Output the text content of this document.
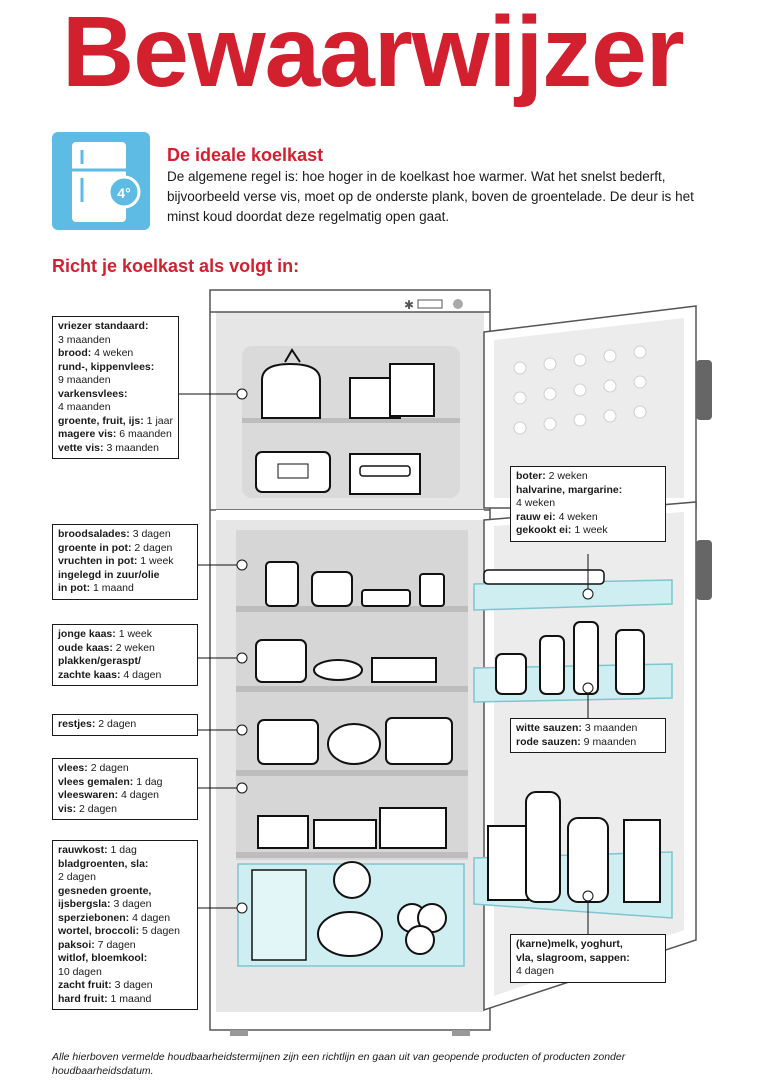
Bewaarwijzer
4°
De ideale koelkast

De algemene regel is: hoe hoger in de koelkast hoe warmer. Wat het snelst bederft, bijvoorbeeld verse vis, moet op de onderste plank, boven de groentelade. De deur is het minst koud doordat deze regelmatig open gaat.

Richt je koelkast als volgt in:
✱
vriezer standaard:
3 maanden
brood: 4 weken
rund-, kippenvlees:
9 maanden
varkensvlees:
4 maanden
groente, fruit, ijs: 1 jaar
magere vis: 6 maanden
vette vis: 3 maanden
broodsalades: 3 dagen
groente in pot: 2 dagen
vruchten in pot: 1 week
ingelegd in zuur/olie
in pot: 1 maand
jonge kaas: 1 week
oude kaas: 2 weken
plakken/geraspt/
zachte kaas: 4 dagen
restjes: 2 dagen
vlees: 2 dagen
vlees gemalen: 1 dag
vleeswaren: 4 dagen
vis: 2 dagen
rauwkost: 1 dag
bladgroenten, sla:
2 dagen
gesneden groente,
ijsbergsla: 3 dagen
sperziebonen: 4 dagen
wortel, broccoli: 5 dagen
paksoi: 7 dagen
witlof, bloemkool:
10 dagen
zacht fruit: 3 dagen
hard fruit: 1 maand
boter: 2 weken
halvarine, margarine:
4 weken
rauw ei: 4 weken
gekookt ei: 1 week
witte sauzen: 3 maanden
rode sauzen: 9 maanden
(karne)melk, yoghurt,
vla, slagroom, sappen:
4 dagen

Alle hierboven vermelde houdbaarheidstermijnen zijn een richtlijn en gaan uit van geopende producten of producten zonder houdbaarheidsdatum.
